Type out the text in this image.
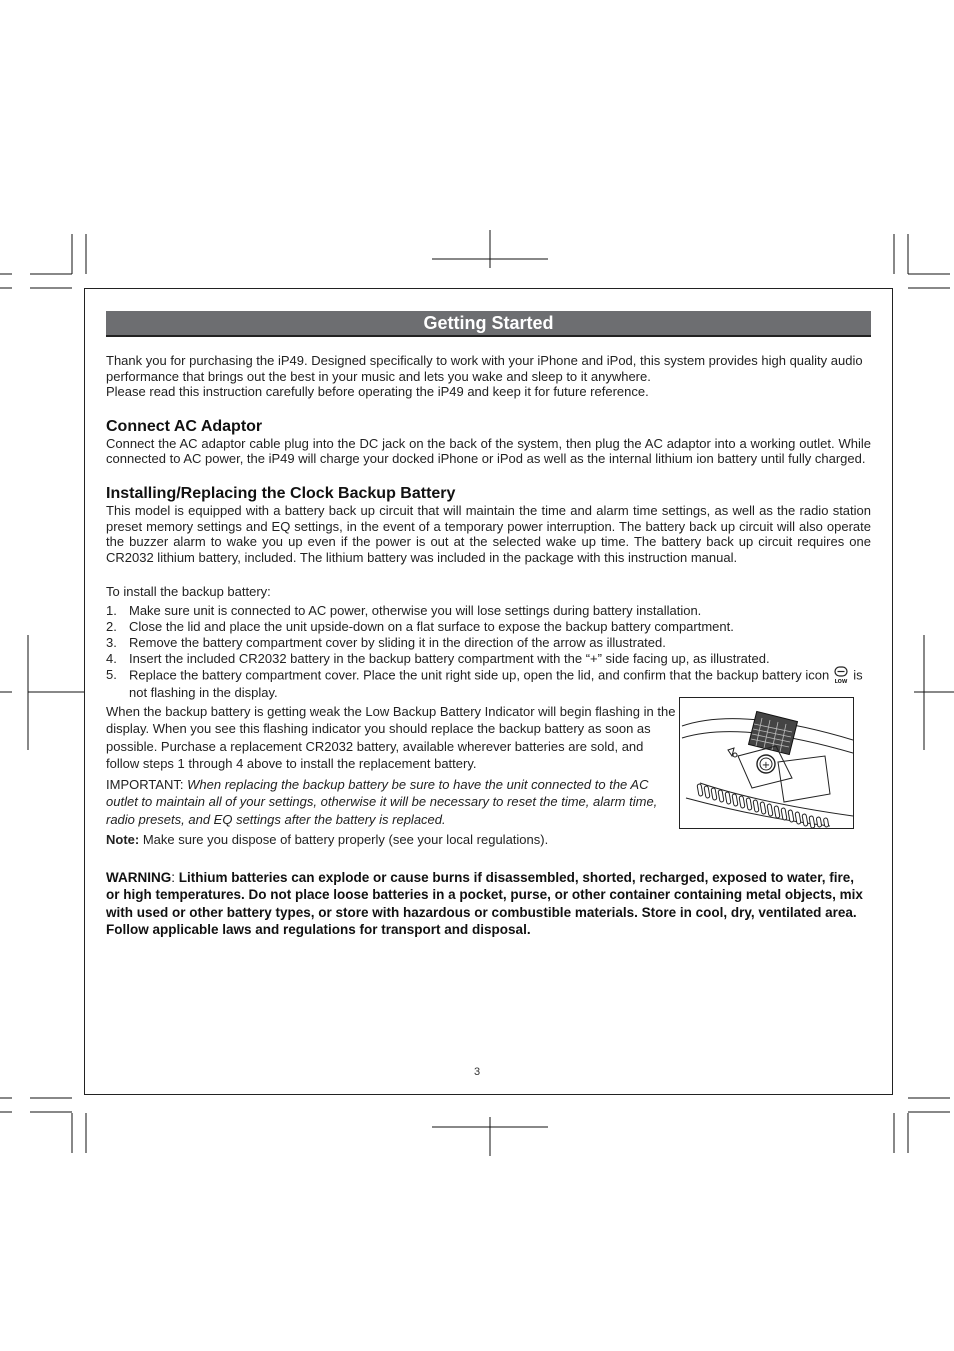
Getting Started

Thank you for purchasing the iP49. Designed specifically to work with your iPhone and iPod, this system provides high quality audio performance that brings out the best in your music and lets you wake and sleep to it anywhere.

Please read this instruction carefully before operating the iP49 and keep it for future reference.

Connect AC Adaptor

Connect the AC adaptor cable plug into the DC jack on the back of the system, then plug the AC adaptor into a working outlet. While connected to AC power, the iP49 will charge your docked iPhone or iPod as well as the internal lithium ion battery until fully charged.

Installing/Replacing the Clock Backup Battery

This model is equipped with a battery back up circuit that will maintain the time and alarm time settings, as well as the radio station preset memory settings and EQ settings, in the event of a temporary power interruption. The battery back up circuit will also operate the buzzer alarm to wake you up even if the power is out at the selected wake up time. The battery back up circuit requires one CR2032 lithium battery, included. The lithium battery was included in the package with this instruction manual.

To install the backup battery:

1. Make sure unit is connected to AC power, otherwise you will lose settings during battery installation.
2. Close the lid and place the unit upside-down on a flat surface to expose the backup battery compartment.
3. Remove the battery compartment cover by sliding it in the direction of the arrow as illustrated.
4. Insert the included CR2032 battery in the backup battery compartment with the “+” side facing up, as illustrated.
5. Replace the battery compartment cover. Place the unit right side up, open the lid, and confirm that the backup battery icon LOW is not flashing in the display.

When the backup battery is getting weak the Low Backup Battery Indicator will begin flashing in the display. When you see this flashing indicator you should replace the backup battery as soon as possible. Purchase a replacement CR2032 battery, available wherever batteries are sold, and follow steps 1 through 4 above to install the replacement battery.

IMPORTANT: When replacing the backup battery be sure to have the unit connected to the AC outlet to maintain all of your settings, otherwise it will be necessary to reset the time, alarm time, radio presets, and EQ settings after the battery is replaced.

Note: Make sure you dispose of battery properly (see your local regulations).

+

WARNING: Lithium batteries can explode or cause burns if disassembled, shorted, recharged, exposed to water, fire, or high temperatures. Do not place loose batteries in a pocket, purse, or other container containing metal objects, mix with used or other battery types, or store with hazardous or combustible materials. Store in cool, dry, ventilated area. Follow applicable laws and regulations for transport and disposal.

3
